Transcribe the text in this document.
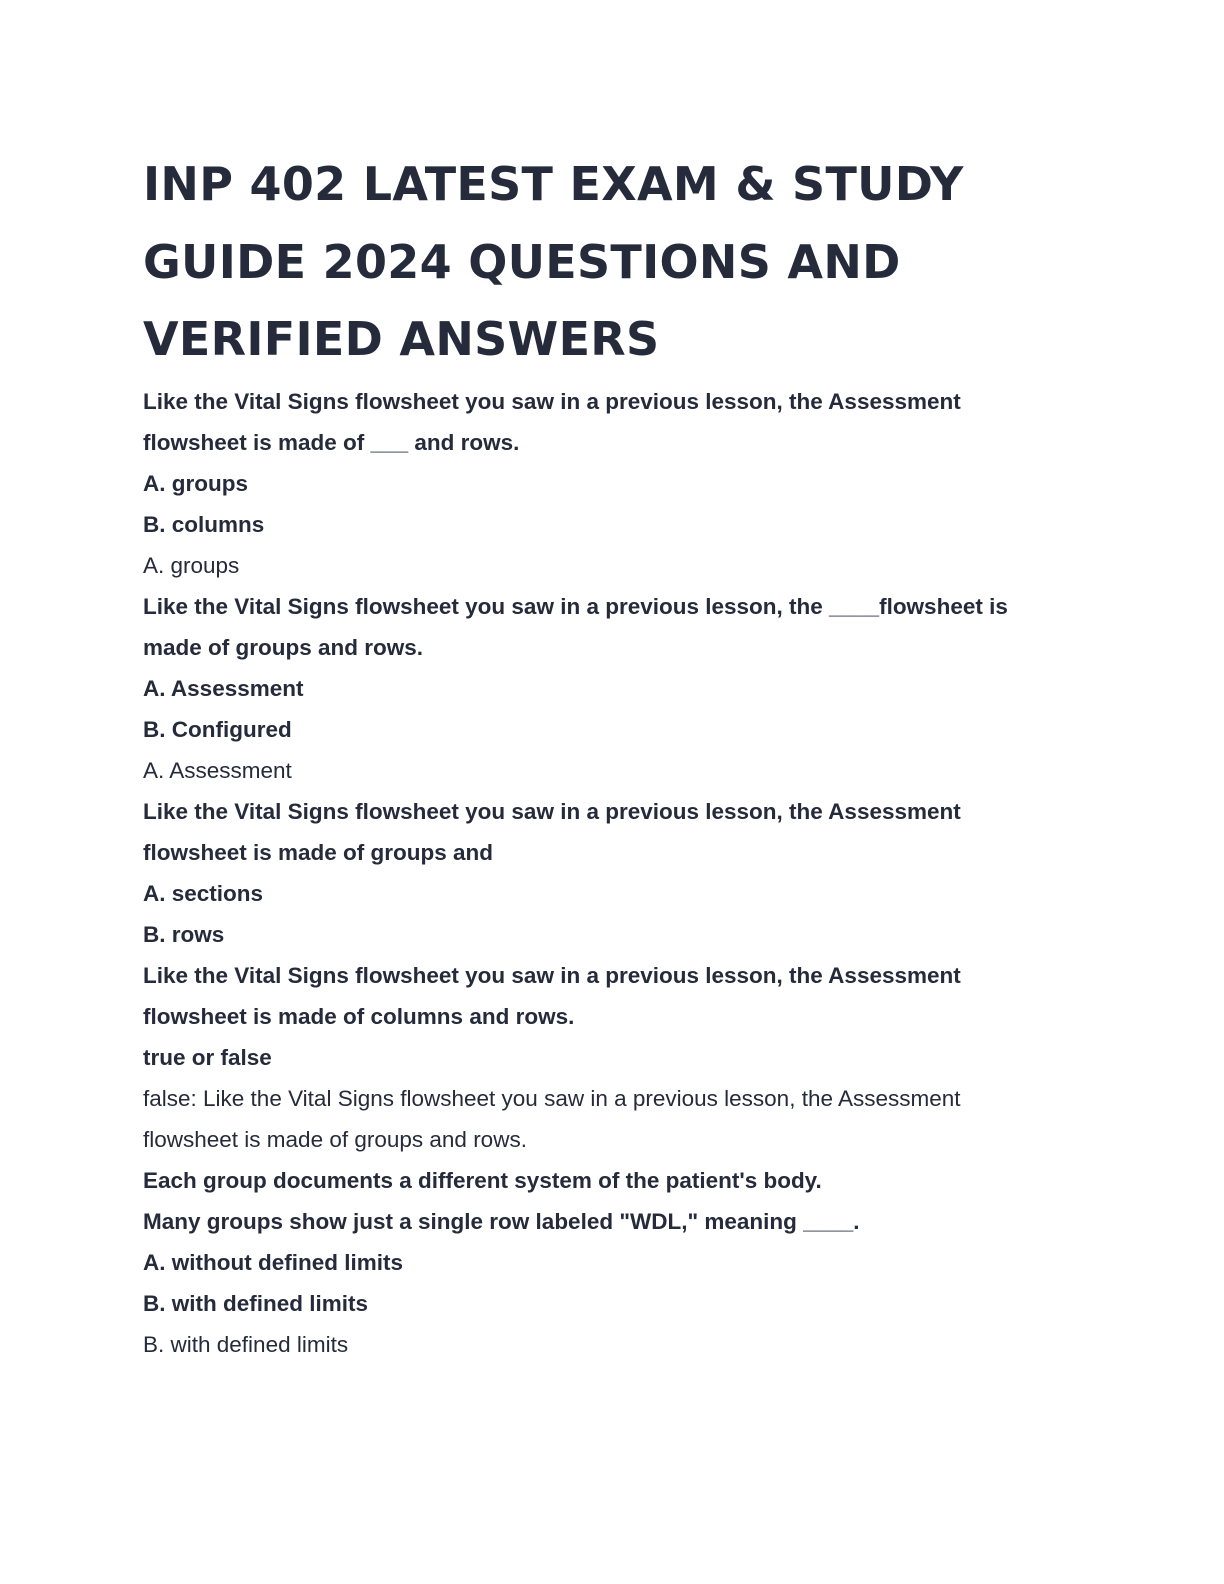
INP 402 LATEST EXAM & STUDY
GUIDE 2024 QUESTIONS AND
VERIFIED ANSWERS

Like the Vital Signs flowsheet you saw in a previous lesson, the Assessment

flowsheet is made of ___ and rows.

A. groups

B. columns

A. groups

Like the Vital Signs flowsheet you saw in a previous lesson, the ____flowsheet is

made of groups and rows.

A. Assessment

B. Configured

A. Assessment

Like the Vital Signs flowsheet you saw in a previous lesson, the Assessment

flowsheet is made of groups and

A. sections

B. rows

Like the Vital Signs flowsheet you saw in a previous lesson, the Assessment

flowsheet is made of columns and rows.

true or false

false: Like the Vital Signs flowsheet you saw in a previous lesson, the Assessment

flowsheet is made of groups and rows.

Each group documents a different system of the patient's body.

Many groups show just a single row labeled "WDL," meaning ____.

A. without defined limits

B. with defined limits

B. with defined limits
